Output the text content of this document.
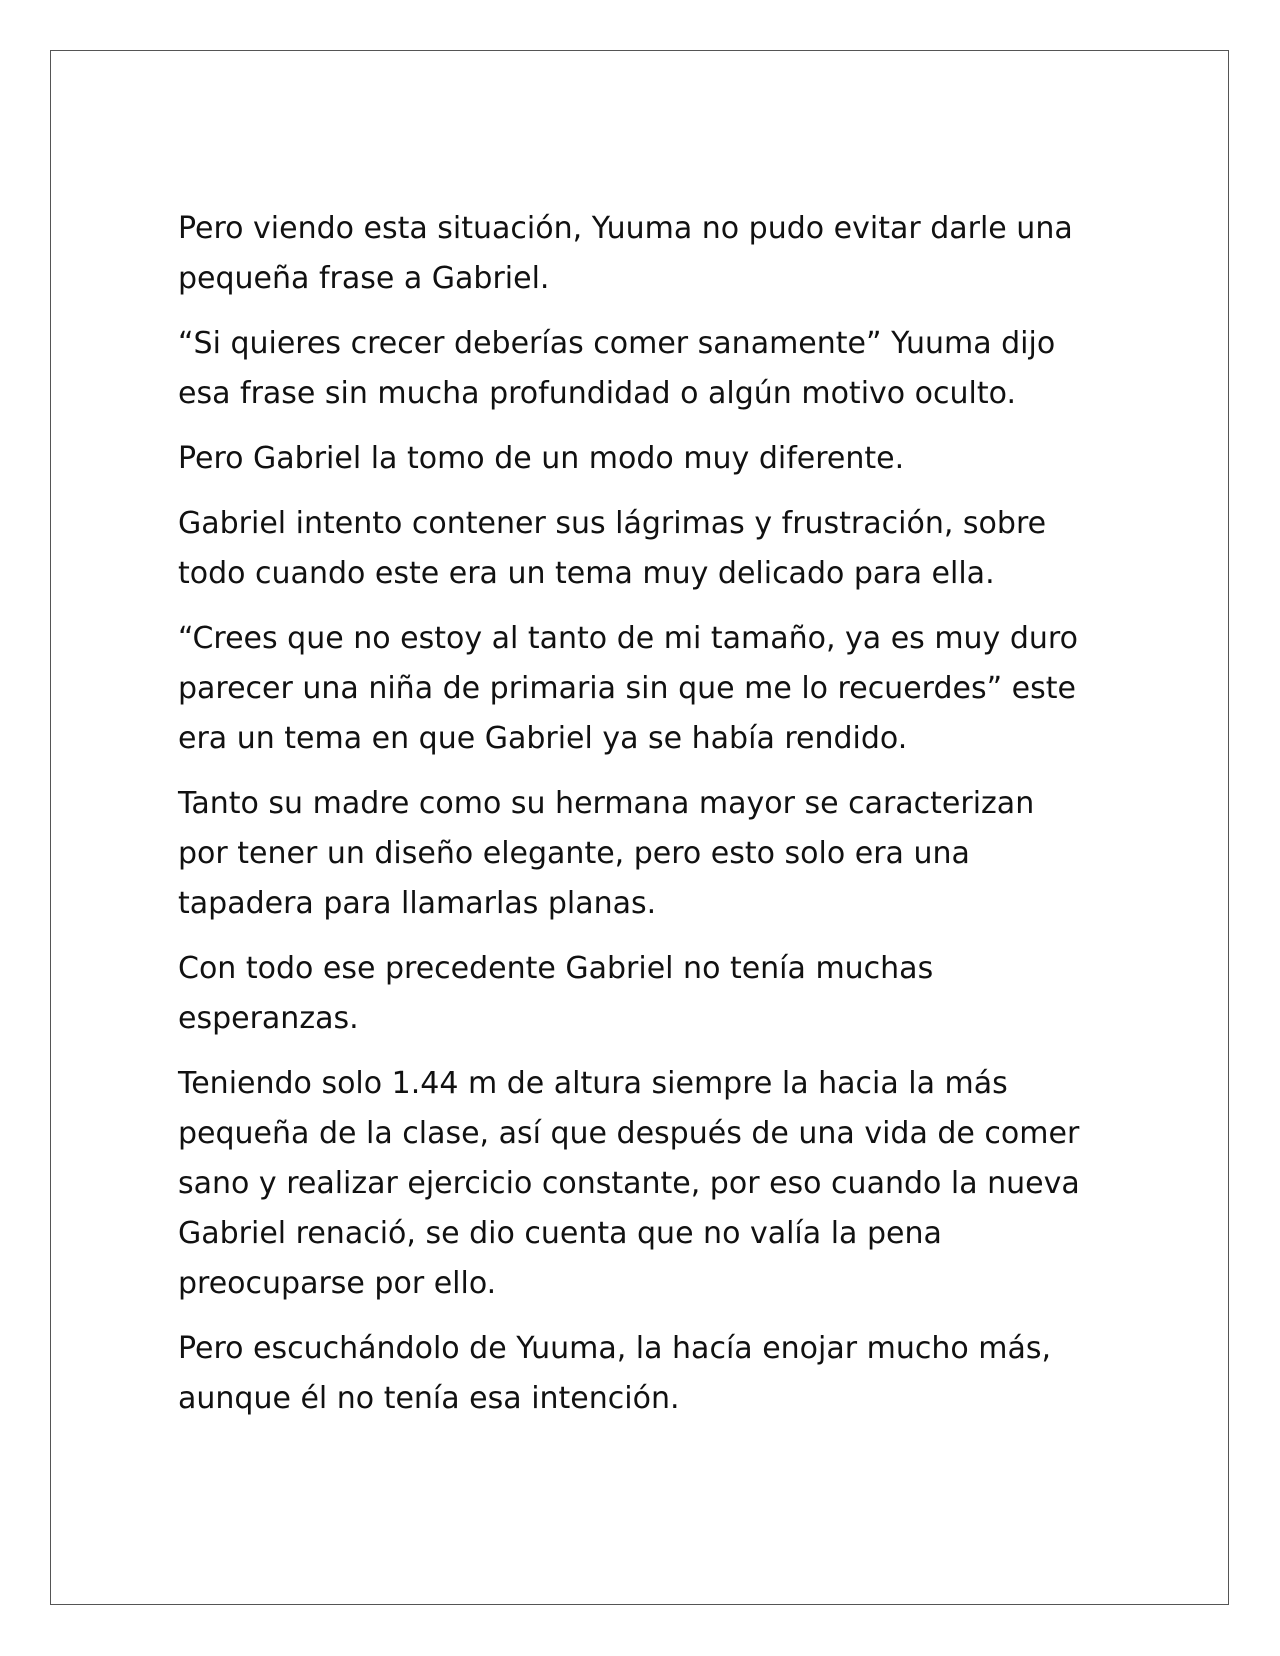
Pero viendo esta situación, Yuuma no pudo evitar darle una
pequeña frase a Gabriel.

“Si quieres crecer deberías comer sanamente” Yuuma dijo
esa frase sin mucha profundidad o algún motivo oculto.

Pero Gabriel la tomo de un modo muy diferente.

Gabriel intento contener sus lágrimas y frustración, sobre
todo cuando este era un tema muy delicado para ella.

“Crees que no estoy al tanto de mi tamaño, ya es muy duro
parecer una niña de primaria sin que me lo recuerdes” este
era un tema en que Gabriel ya se había rendido.

Tanto su madre como su hermana mayor se caracterizan
por tener un diseño elegante, pero esto solo era una
tapadera para llamarlas planas.

Con todo ese precedente Gabriel no tenía muchas
esperanzas.

Teniendo solo 1.44 m de altura siempre la hacia la más
pequeña de la clase, así que después de una vida de comer
sano y realizar ejercicio constante, por eso cuando la nueva
Gabriel renació, se dio cuenta que no valía la pena
preocuparse por ello.

Pero escuchándolo de Yuuma, la hacía enojar mucho más,
aunque él no tenía esa intención.
